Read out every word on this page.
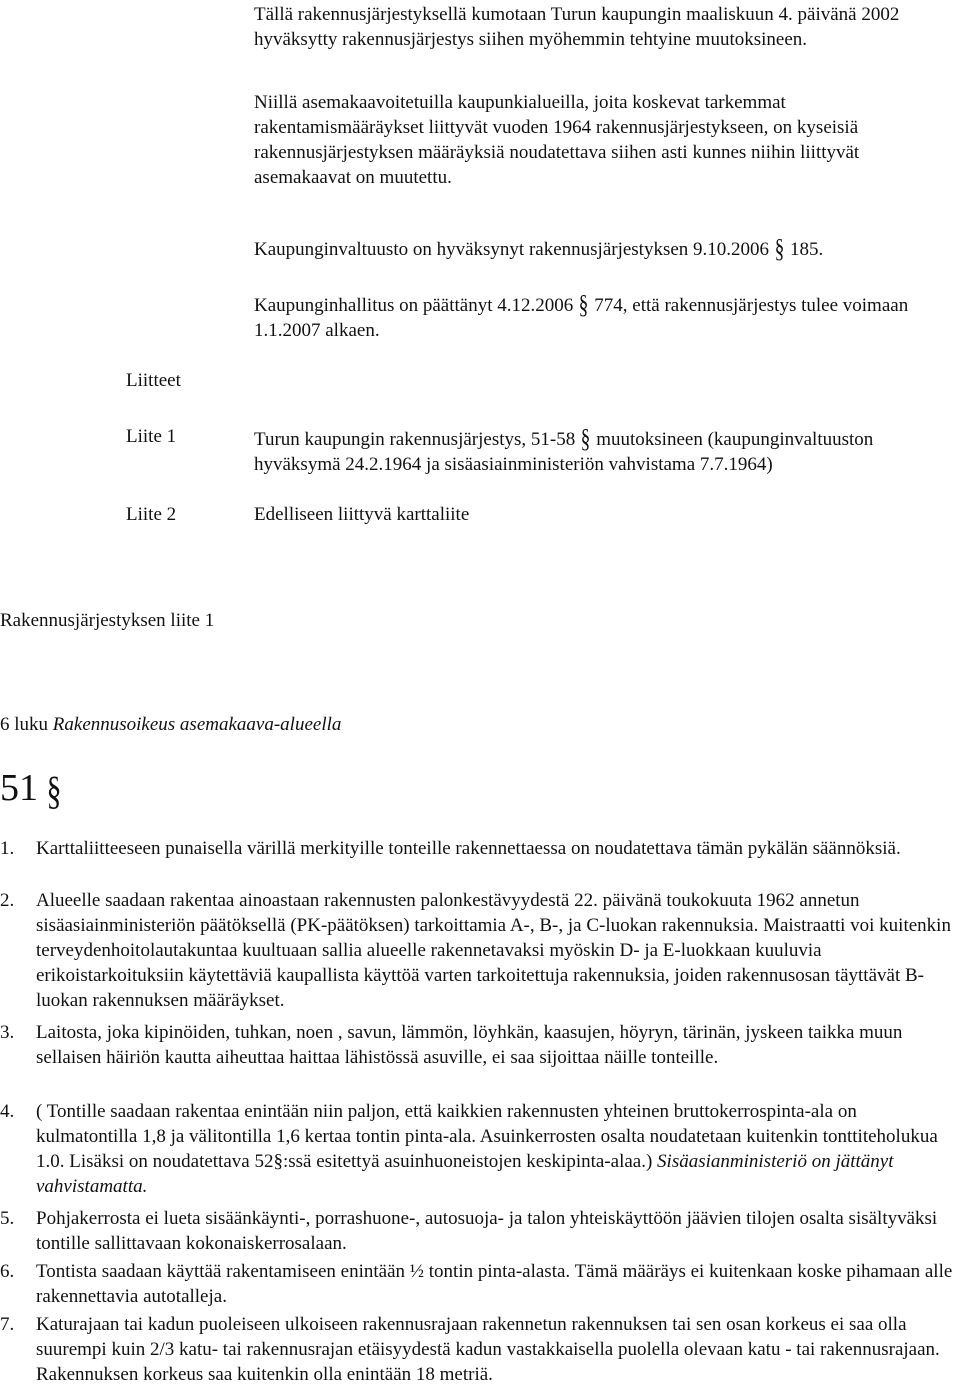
Tällä rakennusjärjestyksellä kumotaan Turun kaupungin maaliskuun 4. päivänä 2002 hyväksytty rakennusjärjestys siihen myöhemmin tehtyine muutoksineen.
Niillä asemakaavoitetuilla kaupunkialueilla, joita koskevat tarkemmat rakentamismääräykset liittyvät vuoden 1964 rakennusjärjestykseen, on kyseisiä rakennusjärjestyksen määräyksiä noudatettava siihen asti kunnes niihin liittyvät asemakaavat on muutettu.
Kaupunginvaltuusto on hyväksynyt rakennusjärjestyksen 9.10.2006 § 185.
Kaupunginhallitus on päättänyt 4.12.2006 § 774, että rakennusjärjestys tulee voimaan 1.1.2007 alkaen.
Liitteet
Liite 1	Turun kaupungin rakennusjärjestys, 51-58 § muutoksineen (kaupunginvaltuuston hyväksymä 24.2.1964 ja sisäasiainministeriön vahvistama 7.7.1964)
Liite 2	Edelliseen liittyvä karttaliite
Rakennusjärjestyksen liite 1
6 luku Rakennusoikeus asemakaava-alueella
51 §
1. Karttaliitteeseen punaisella värillä merkityille tonteille rakennettaessa on noudatettava tämän pykälän säännöksiä.
2. Alueelle saadaan rakentaa ainoastaan rakennusten palonkestävyydestä 22. päivänä toukokuuta 1962 annetun sisäasiainministeriön päätöksellä (PK-päätöksen) tarkoittamia A-, B-, ja C-luokan rakennuksia. Maistraatti voi kuitenkin terveydenhoitolautakuntaa kuultuaan sallia alueelle rakennetavaksi myöskin D- ja E-luokkaan kuuluvia erikoistarkoituksiin käytettäviä kaupallista käyttöä varten tarkoitettuja rakennuksia, joiden rakennusosan täyttävät B-luokan rakennuksen määräykset.
3. Laitosta, joka kipinöiden, tuhkan, noen , savun, lämmön, löyhkän, kaasujen, höyryn, tärinän, jyskeen taikka muun sellaisen häiriön kautta aiheuttaa haittaa lähistössä asuville, ei saa sijoittaa näille tonteille.
4. ( Tontille saadaan rakentaa enintään niin paljon, että kaikkien rakennusten yhteinen bruttokerrospinta-ala on kulmatontilla 1,8 ja välitontilla 1,6 kertaa tontin pinta-ala. Asuinkerrosten osalta noudatetaan kuitenkin tonttiteholukua 1.0. Lisäksi on noudatettava 52§:ssä esitettyä asuinhuoneistojen keskipinta-alaa.) Sisäasianministeriö on jättänyt vahvistamatta.
5. Pohjakerrosta ei lueta sisäänkäynti-, porrashuone-, autosuoja- ja talon yhteiskäyttöön jäävien tilojen osalta sisältyväksi tontille sallittavaan kokonaiskerrosalaan.
6. Tontista saadaan käyttää rakentamiseen enintään ½ tontin pinta-alasta. Tämä määräys ei kuitenkaan koske pihamaan alle rakennettavia autotalleja.
7. Katurajaan tai kadun puoleiseen ulkoiseen rakennusrajaan rakennetun rakennuksen tai sen osan korkeus ei saa olla suurempi kuin 2/3 katu- tai rakennusrajan etäisyydestä kadun vastakkaisella puolella olevaan katu - tai rakennusrajaan. Rakennuksen korkeus saa kuitenkin olla enintään 18 metriä.
